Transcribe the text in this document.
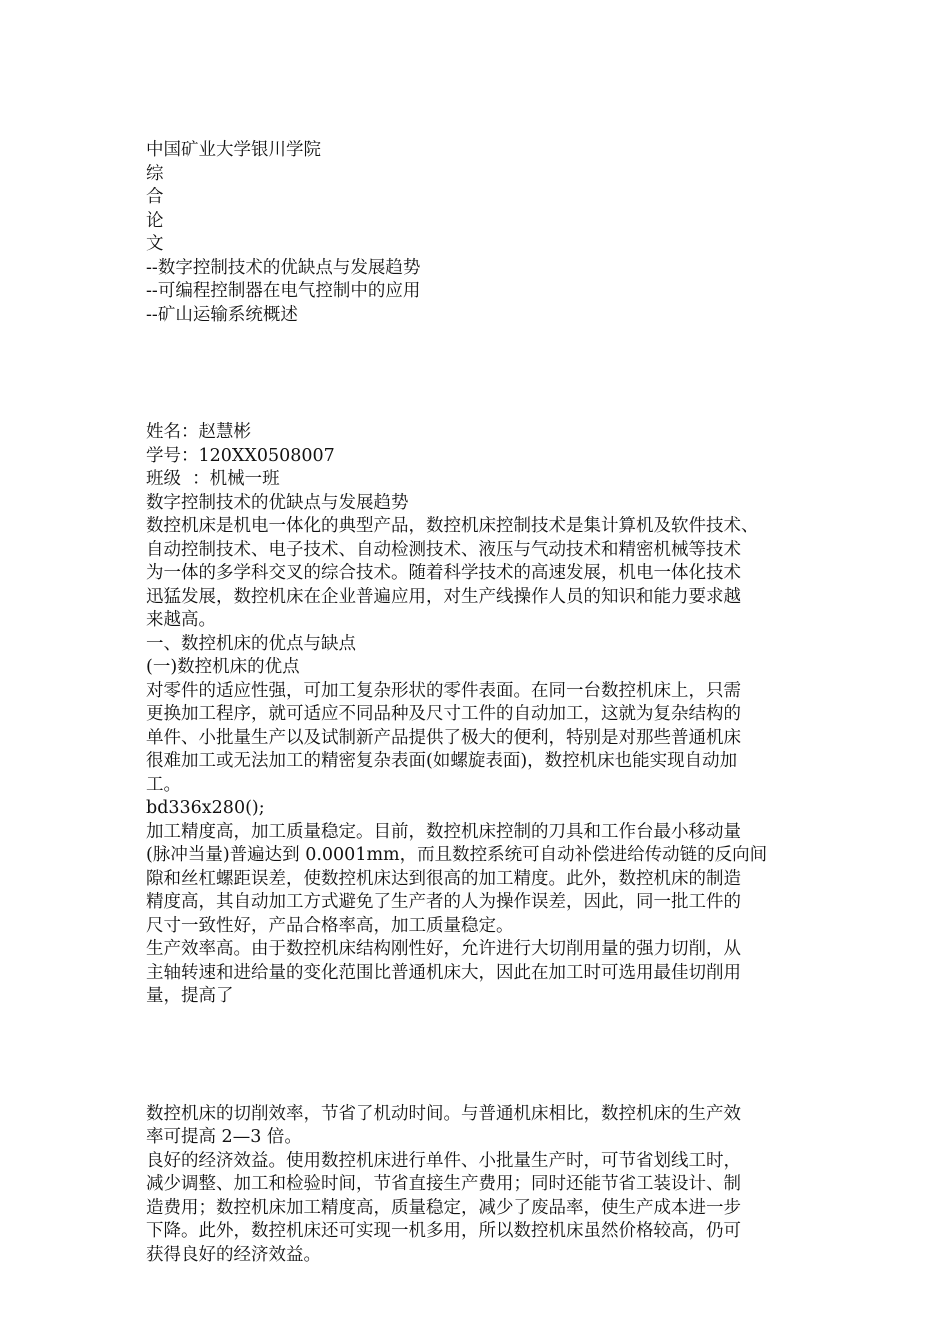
中国矿业大学银川学院
综
合
论
文
--数字控制技术的优缺点与发展趋势
--可编程控制器在电气控制中的应用
--矿山运输系统概述
姓名：赵慧彬
学号：120XX0508007
班级  ：机械一班
数字控制技术的优缺点与发展趋势
数控机床是机电一体化的典型产品，数控机床控制技术是集计算机及软件技术、
自动控制技术、电子技术、自动检测技术、液压与气动技术和精密机械等技术
为一体的多学科交叉的综合技术。随着科学技术的高速发展，机电一体化技术
迅猛发展，数控机床在企业普遍应用，对生产线操作人员的知识和能力要求越
来越高。
一、数控机床的优点与缺点
(一)数控机床的优点
对零件的适应性强，可加工复杂形状的零件表面。在同一台数控机床上，只需
更换加工程序，就可适应不同品种及尺寸工件的自动加工，这就为复杂结构的
单件、小批量生产以及试制新产品提供了极大的便利，特别是对那些普通机床
很难加工或无法加工的精密复杂表面(如螺旋表面)，数控机床也能实现自动加
工。
bd336x280();
加工精度高，加工质量稳定。目前，数控机床控制的刀具和工作台最小移动量
(脉冲当量)普遍达到 0.0001mm，而且数控系统可自动补偿进给传动链的反向间
隙和丝杠螺距误差，使数控机床达到很高的加工精度。此外，数控机床的制造
精度高，其自动加工方式避免了生产者的人为操作误差，因此，同一批工件的
尺寸一致性好，产品合格率高，加工质量稳定。
生产效率高。由于数控机床结构刚性好，允许进行大切削用量的强力切削，从
主轴转速和进给量的变化范围比普通机床大，因此在加工时可选用最佳切削用
量，提高了
数控机床的切削效率，节省了机动时间。与普通机床相比，数控机床的生产效
率可提高 2—3 倍。
良好的经济效益。使用数控机床进行单件、小批量生产时，可节省划线工时，
减少调整、加工和检验时间，节省直接生产费用；同时还能节省工装设计、制
造费用；数控机床加工精度高，质量稳定，减少了废品率，使生产成本进一步
下降。此外，数控机床还可实现一机多用，所以数控机床虽然价格较高，仍可
获得良好的经济效益。
